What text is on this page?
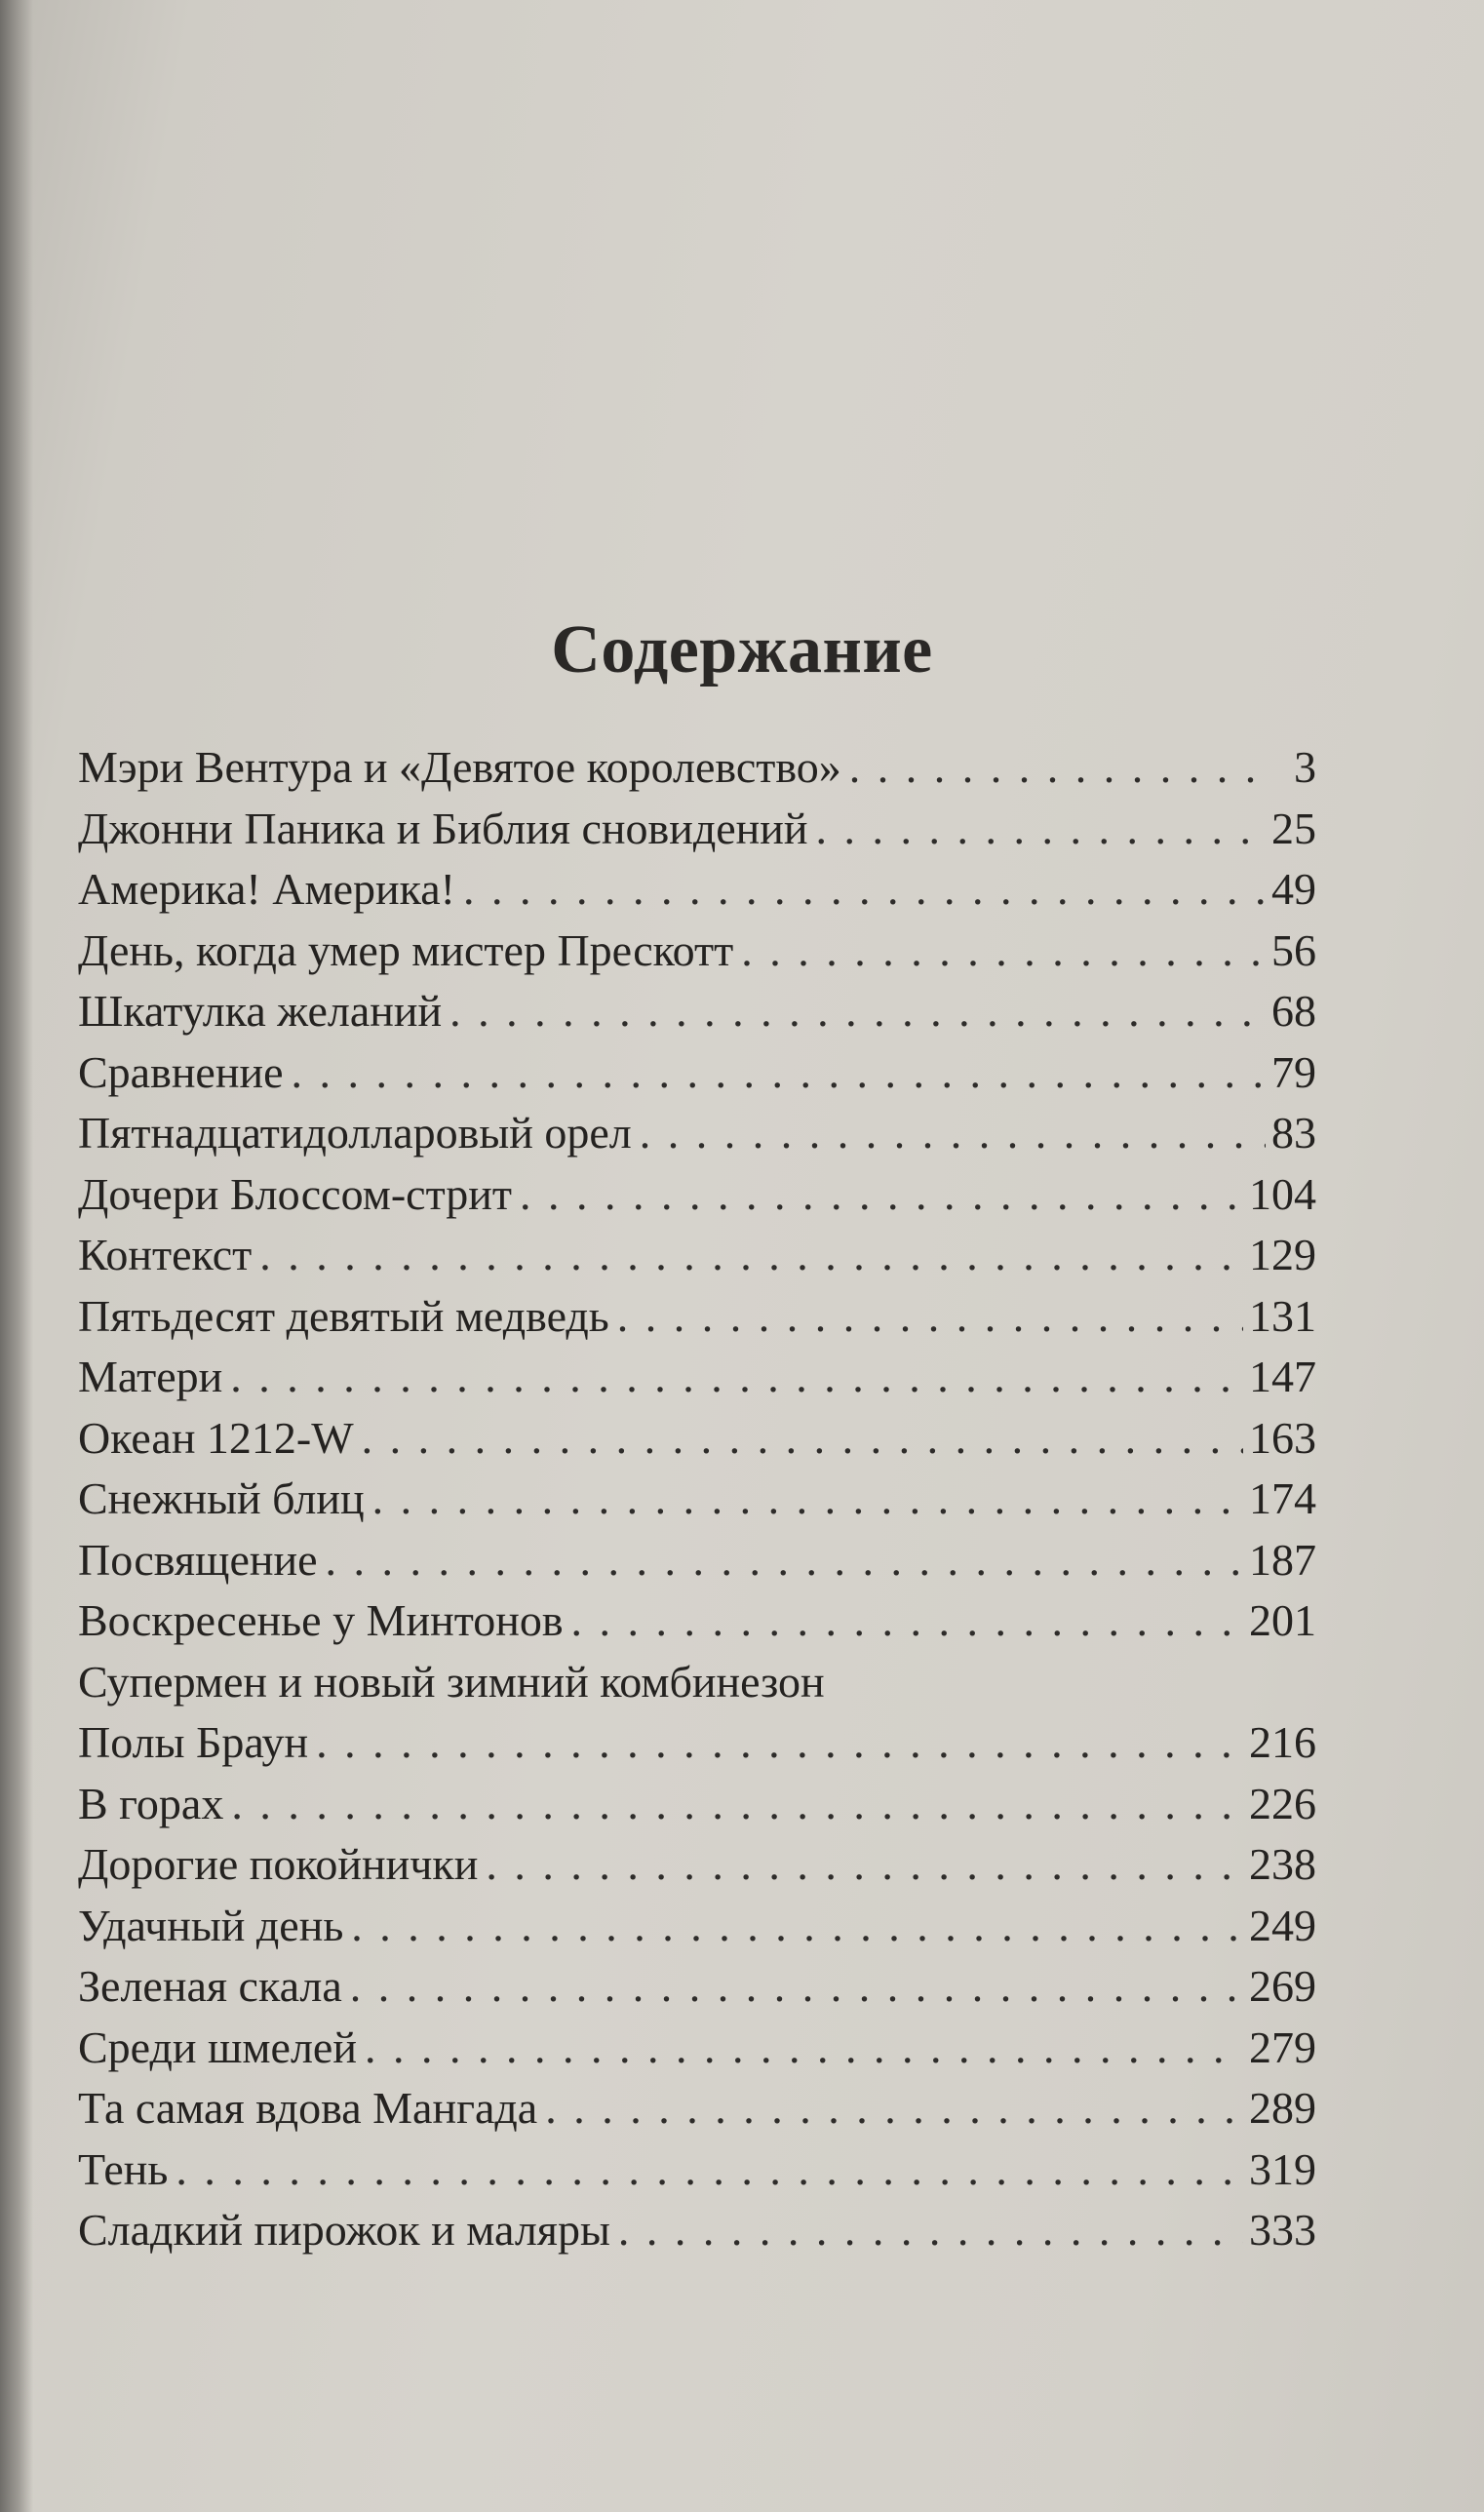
Содержание
Мэри Вентура и «Девятое королевство» . . .	3
Джонни Паника и Библия сновидений . . .	25
Америка! Америка! . . .	49
День, когда умер мистер Прескотт . . .	56
Шкатулка желаний . . .	68
Сравнение . . .	79
Пятнадцатидолларовый орел . . .	83
Дочери Блоссом-стрит . . .	104
Контекст . . .	129
Пятьдесят девятый медведь . . .	131
Матери . . .	147
Океан 1212-W . . .	163
Снежный блиц . . .	174
Посвящение . . .	187
Воскресенье у Минтонов . . .	201
Супермен и новый зимний комбинезон
Полы Браун . . .	216
В горах . . .	226
Дорогие покойнички . . .	238
Удачный день . . .	249
Зеленая скала . . .	269
Среди шмелей . . .	279
Та самая вдова Мангада . . .	289
Тень . . .	319
Сладкий пирожок и маляры . . .	333
